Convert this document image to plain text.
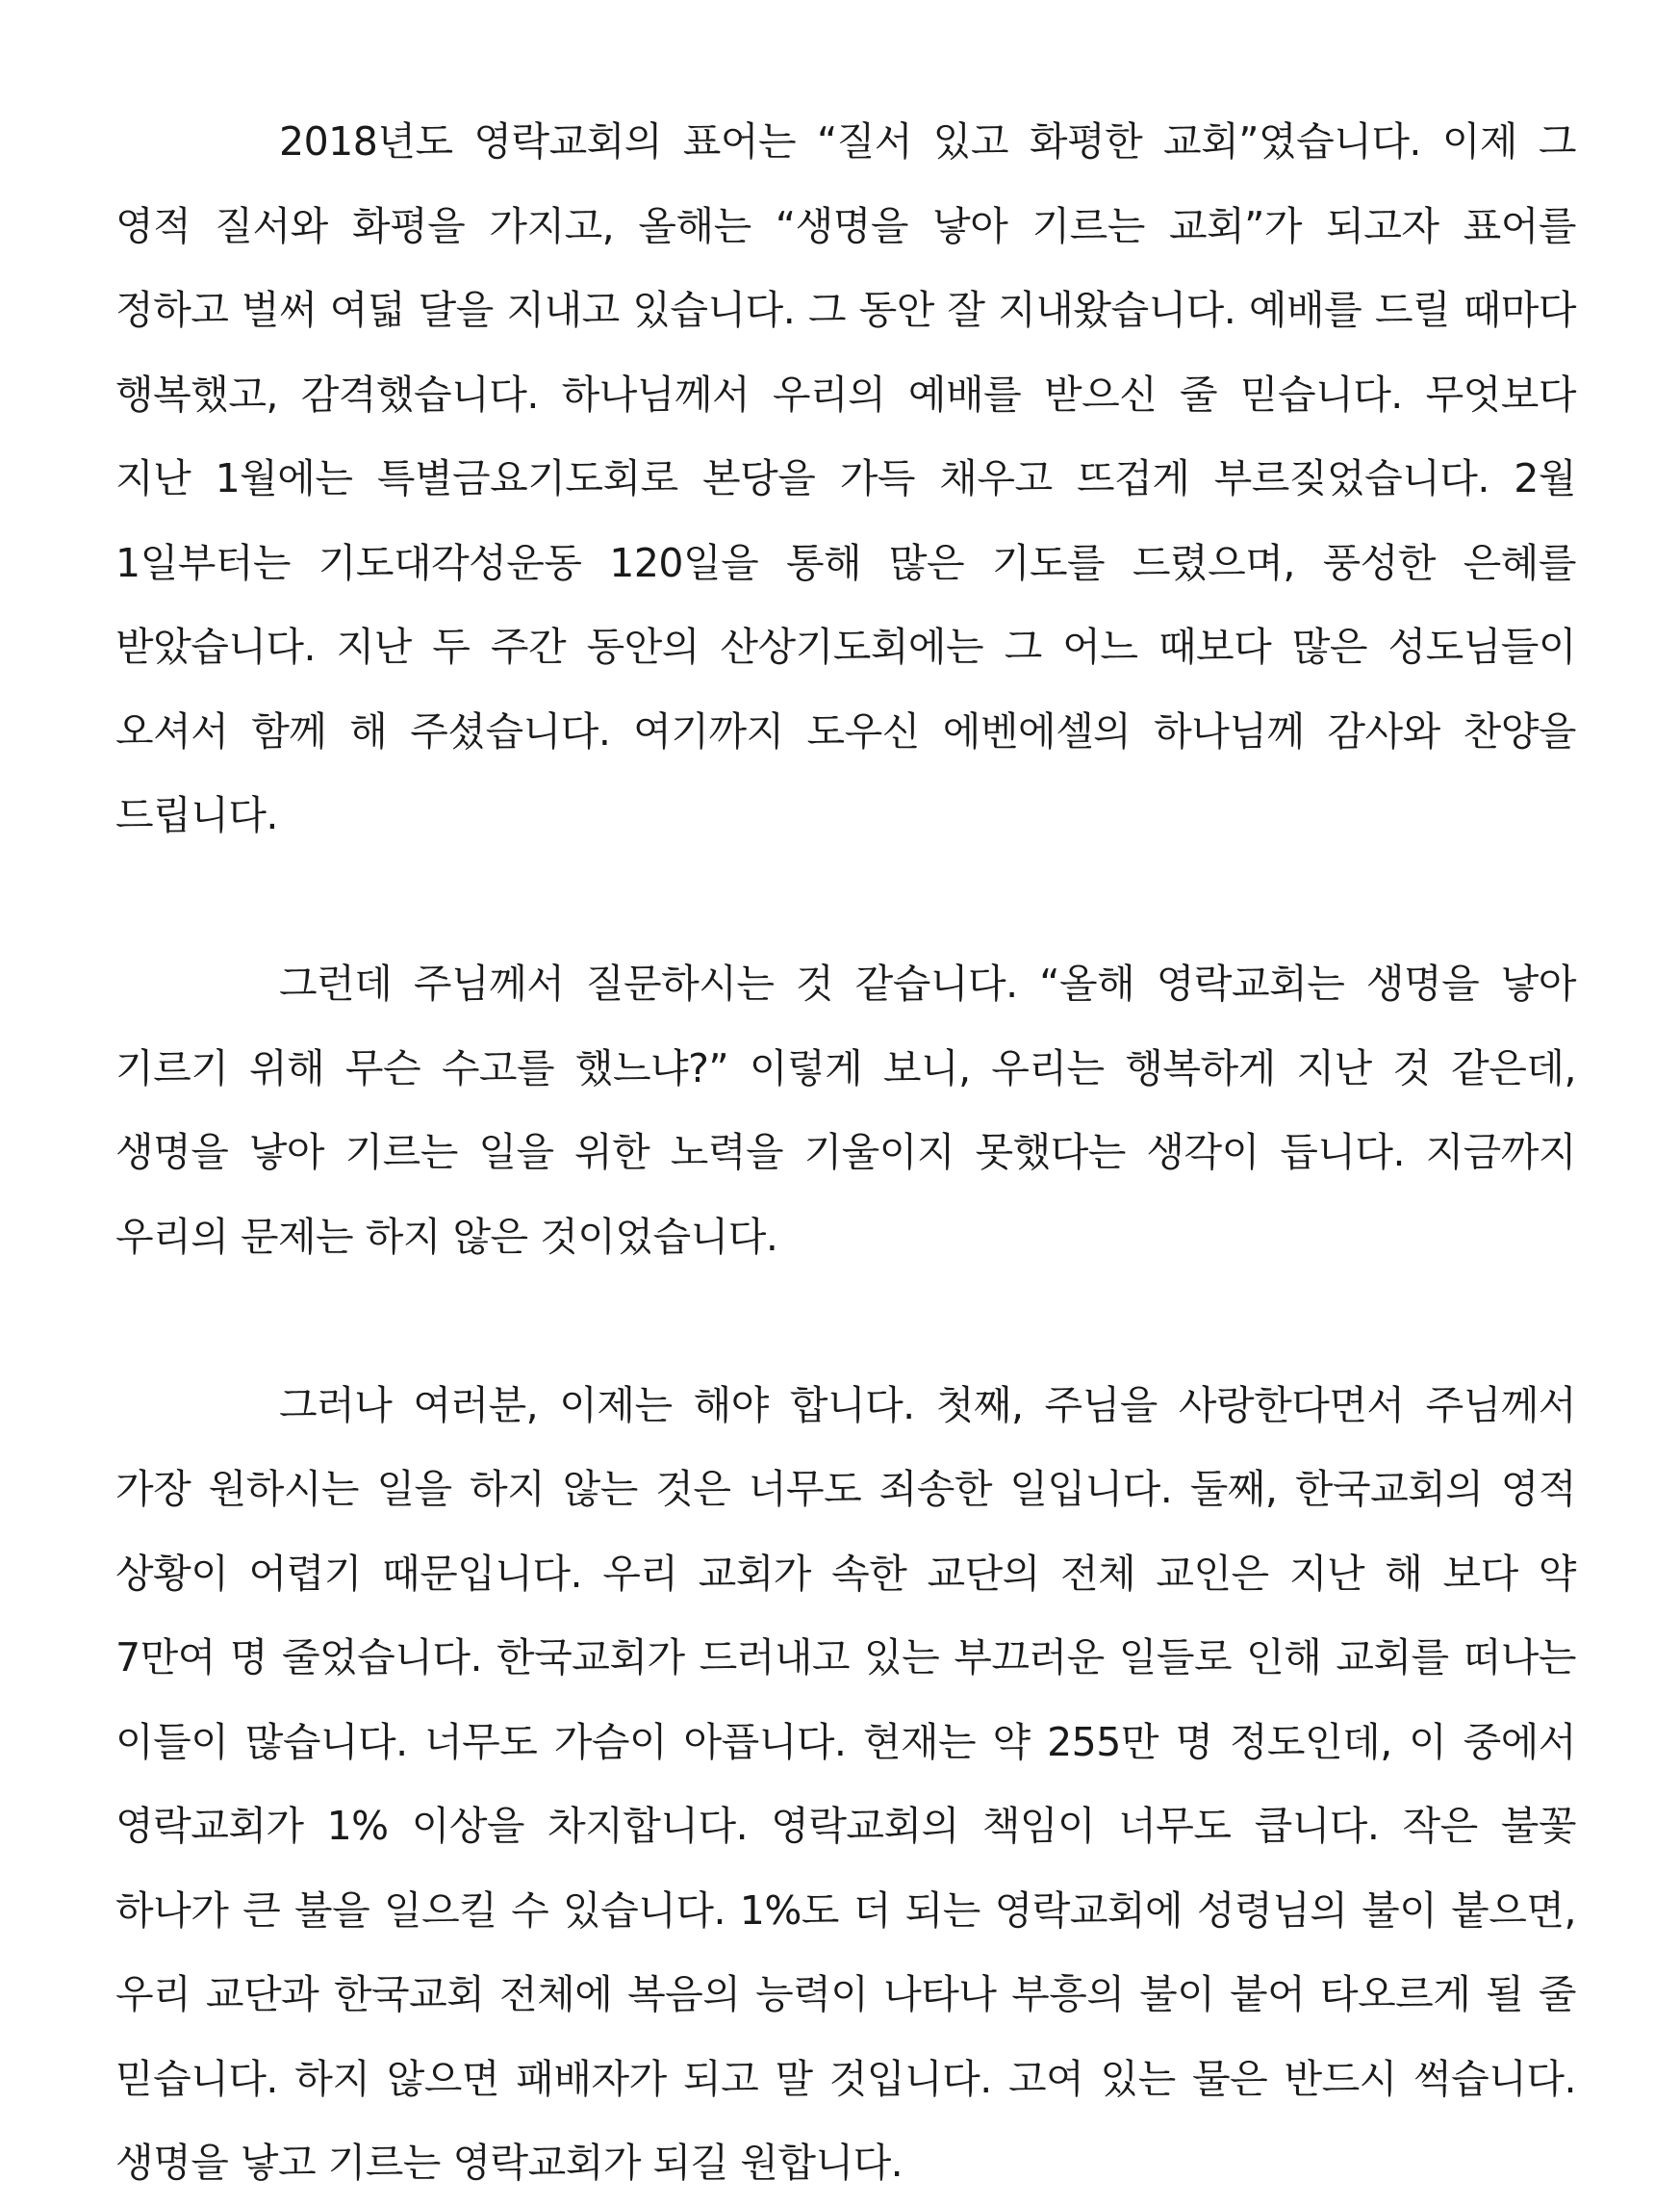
2018년도 영락교회의 표어는 “질서 있고 화평한 교회”였습니다. 이제 그 영적 질서와 화평을 가지고, 올해는 “생명을 낳아 기르는 교회”가 되고자 표어를 정하고 벌써 여덟 달을 지내고 있습니다. 그 동안 잘 지내왔습니다. 예배를 드릴 때마다 행복했고, 감격했습니다. 하나님께서 우리의 예배를 받으신 줄 믿습니다. 무엇보다 지난 1월에는 특별금요기도회로 본당을 가득 채우고 뜨겁게 부르짖었습니다. 2월 1일부터는 기도대각성운동 120일을 통해 많은 기도를 드렸으며, 풍성한 은혜를 받았습니다. 지난 두 주간 동안의 산상기도회에는 그 어느 때보다 많은 성도님들이 오셔서 함께 해 주셨습니다. 여기까지 도우신 에벤에셀의 하나님께 감사와 찬양을 드립니다.

그런데 주님께서 질문하시는 것 같습니다. “올해 영락교회는 생명을 낳아 기르기 위해 무슨 수고를 했느냐?” 이렇게 보니, 우리는 행복하게 지난 것 같은데, 생명을 낳아 기르는 일을 위한 노력을 기울이지 못했다는 생각이 듭니다. 지금까지 우리의 문제는 하지 않은 것이었습니다.

그러나 여러분, 이제는 해야 합니다. 첫째, 주님을 사랑한다면서 주님께서 가장 원하시는 일을 하지 않는 것은 너무도 죄송한 일입니다. 둘째, 한국교회의 영적 상황이 어렵기 때문입니다. 우리 교회가 속한 교단의 전체 교인은 지난 해 보다 약 7만여 명 줄었습니다. 한국교회가 드러내고 있는 부끄러운 일들로 인해 교회를 떠나는 이들이 많습니다. 너무도 가슴이 아픕니다. 현재는 약 255만 명 정도인데, 이 중에서 영락교회가 1% 이상을 차지합니다. 영락교회의 책임이 너무도 큽니다. 작은 불꽃 하나가 큰 불을 일으킬 수 있습니다. 1%도 더 되는 영락교회에 성령님의 불이 붙으면, 우리 교단과 한국교회 전체에 복음의 능력이 나타나 부흥의 불이 붙어 타오르게 될 줄 믿습니다. 하지 않으면 패배자가 되고 말 것입니다. 고여 있는 물은 반드시 썩습니다. 생명을 낳고 기르는 영락교회가 되길 원합니다.
